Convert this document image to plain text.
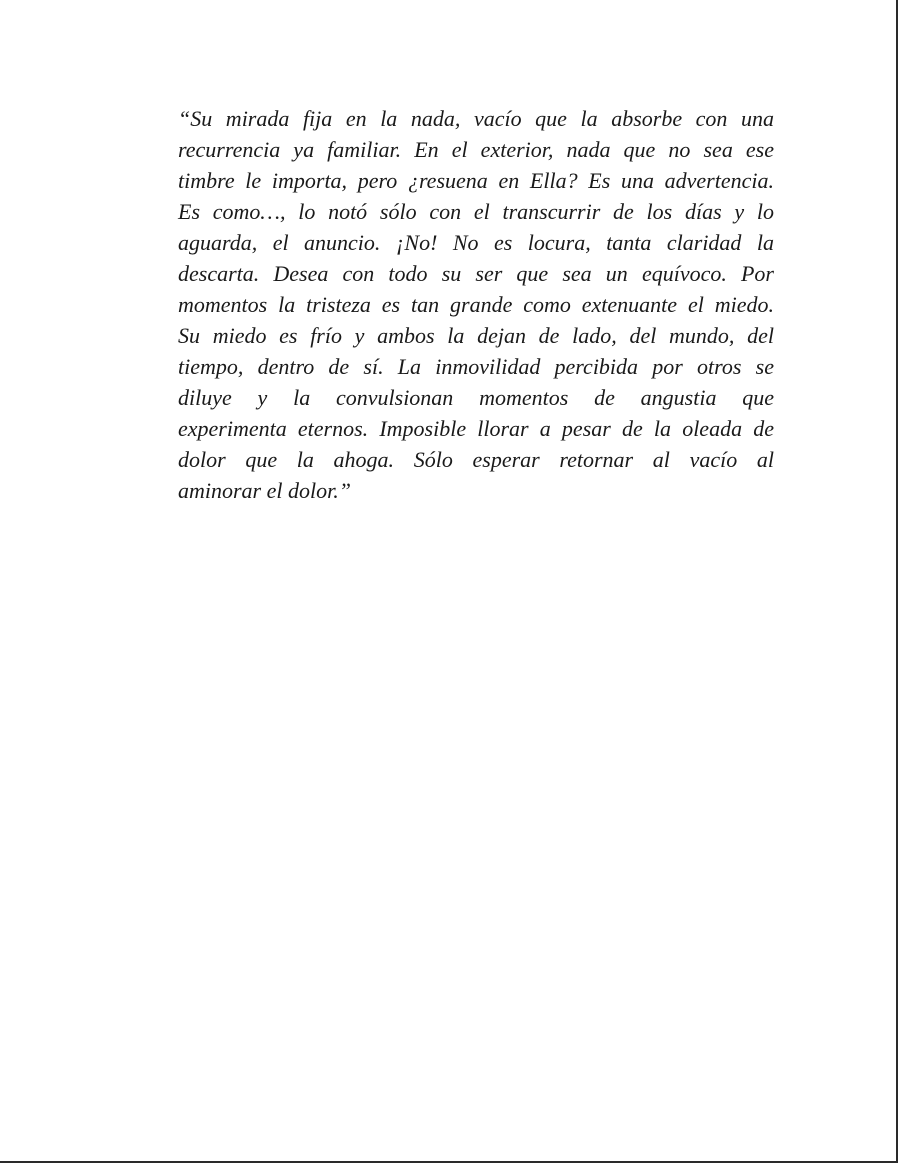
“Su mirada fija en la nada, vacío que la absorbe con una
recurrencia ya familiar. En el exterior, nada que no sea ese
timbre le importa, pero ¿resuena en Ella? Es una advertencia.
Es como…, lo notó sólo con el transcurrir de los días y lo
aguarda, el anuncio. ¡No! No es locura, tanta claridad la
descarta. Desea con todo su ser que sea un equívoco. Por
momentos la tristeza es tan grande como extenuante el miedo.
Su miedo es frío y ambos la dejan de lado, del mundo, del
tiempo, dentro de sí. La inmovilidad percibida por otros se
diluye y la convulsionan momentos de angustia que
experimenta eternos. Imposible llorar a pesar de la oleada de
dolor que la ahoga. Sólo esperar retornar al vacío al
aminorar el dolor.”
